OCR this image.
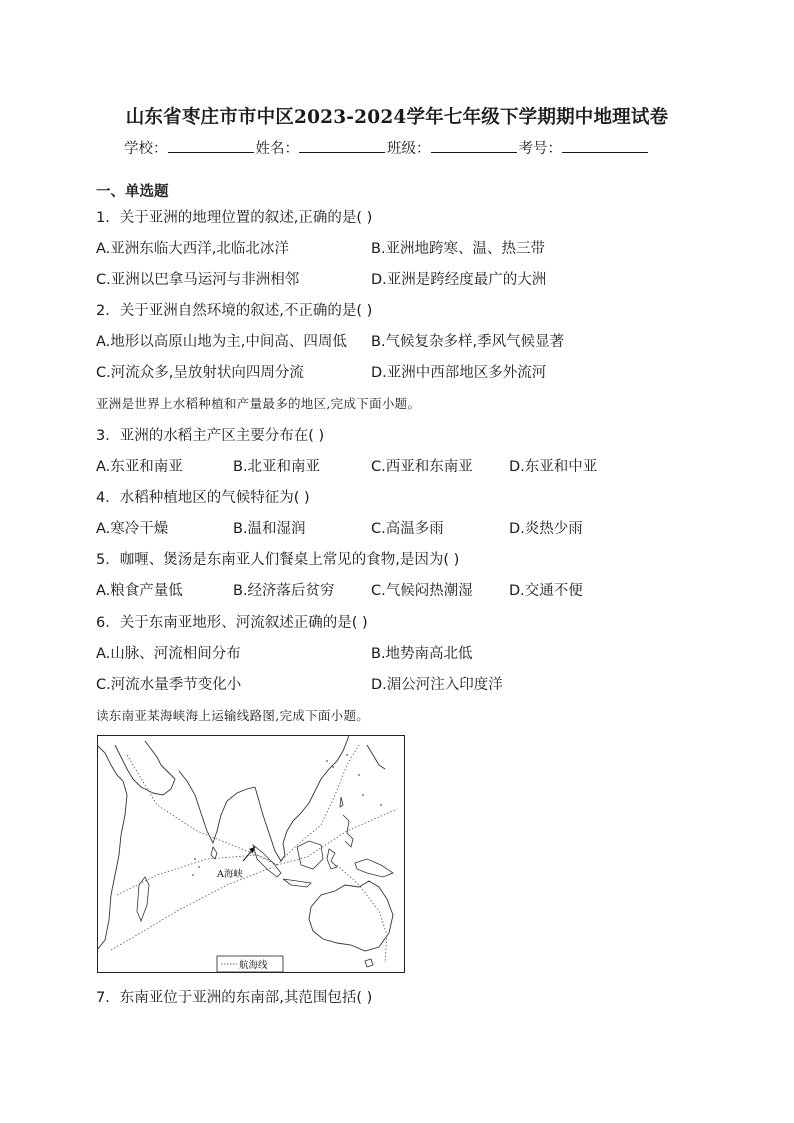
山东省枣庄市市中区2023-2024学年七年级下学期期中地理试卷
学校：	姓名：	班级：	考号：
一、单选题
1．关于亚洲的地理位置的叙述,正确的是( )
A.亚洲东临大西洋,北临北冰洋	B.亚洲地跨寒、温、热三带
C.亚洲以巴拿马运河与非洲相邻	D.亚洲是跨经度最广的大洲
2．关于亚洲自然环境的叙述,不正确的是( )
A.地形以高原山地为主,中间高、四周低 B.气候复杂多样,季风气候显著
C.河流众多,呈放射状向四周分流	D.亚洲中西部地区多外流河
亚洲是世界上水稻种植和产量最多的地区,完成下面小题。
3．亚洲的水稻主产区主要分布在( )
A.东亚和南亚	B.北亚和南亚	C.西亚和东南亚	D.东亚和中亚
4．水稻种植地区的气候特征为( )
A.寒冷干燥	B.温和湿润	C.高温多雨	D.炎热少雨
5．咖喱、煲汤是东南亚人们餐桌上常见的食物,是因为( )
A.粮食产量低	B.经济落后贫穷	C.气候闷热潮湿	D.交通不便
6．关于东南亚地形、河流叙述正确的是( )
A.山脉、河流相间分布	B.地势南高北低
C.河流水量季节变化小	D.湄公河注入印度洋
读东南亚某海峡海上运输线路图,完成下面小题。
A海峡
航海线
7．东南亚位于亚洲的东南部,其范围包括( )
